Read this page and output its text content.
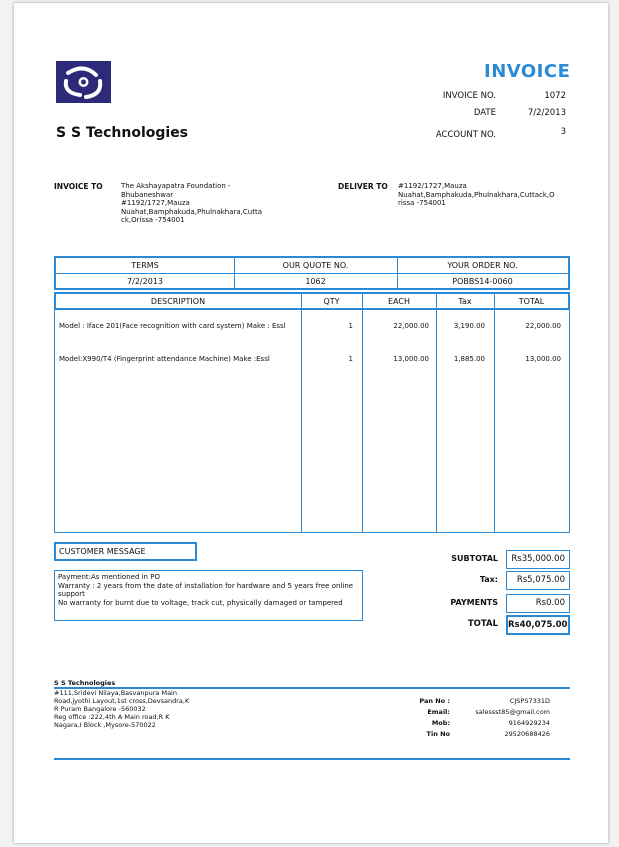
INVOICE
INVOICE NO.	1072
DATE	7/2/2013
ACCOUNT NO.	3
S S Technologies
INVOICE TO	The Akshayapatra Foundation -
Bhubaneshwar
#1192/1727,Mauza
Nuahat,Bamphakuda,Phulnakhara,Cutta
ck,Orissa -754001
DELIVER TO #1192/1727,Mauza
Nuahat,Bamphakuda,Phulnakhara,Cuttack,O
rissa -754001
TERMS	OUR QUOTE NO.	YOUR ORDER NO.
7/2/2013	1062	POBBS14-0060
DESCRIPTION	QTY	EACH	Tax	TOTAL
Model : Iface 201(Face recognition with card system) Make : Essl	1	22,000.00	3,190.00	22,000.00
Model:X990/T4 (Fingerprint attendance Machine) Make :Essl	1	13,000.00	1,885.00	13,000.00
CUSTOMER MESSAGE
Payment:As mentioned in PO
Warranty : 2 years from the date of installation for hardware and 5 years free online support
No warranty for burnt due to voltage, track cut, physically damaged or tampered
SUBTOTAL	Rs35,000.00
Tax:	Rs5,075.00
PAYMENTS	Rs0.00
TOTAL Rs40,075.00
S S Technologies
#111,Sridevi Nilaya,Basvanpura Main
Road,jyothi Layout,1st cross,Devsandra,K
R Puram Bangalore -560032
Reg office :222,4th A Main road,R K
Nagara,I Block ,Mysore-570022
Pan No :	CJSPS7331D
Email:	salessst85@gmail.com
Mob:	9164929234
Tin No	29520688426
